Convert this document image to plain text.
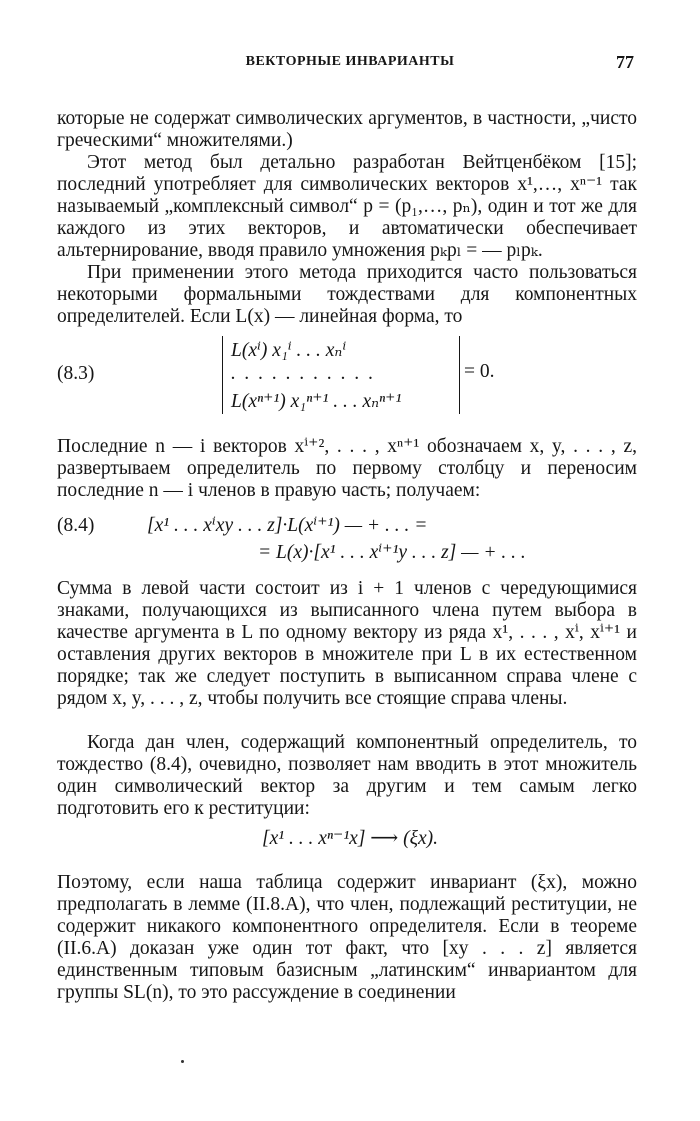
ВЕКТОРНЫЕ ИНВАРИАНТЫ	77

которые не содержат символических аргументов, в частности, „чисто греческими“ множителями.)

Этот метод был детально разработан Вейтценбёком [15]; последний употребляет для символических векторов x¹,…, xⁿ⁻¹ так называемый „комплексный символ“ p = (p₁,…, pₙ), один и тот же для каждого из этих векторов, и автоматически обеспечивает альтернирование, вводя правило умножения pₖpₗ = — pₗpₖ.

При применении этого метода приходится часто пользоваться некоторыми формальными тождествами для компонентных определителей. Если L(x) — линейная форма, то

(8.3)
L(xⁱ) x₁ⁱ . . . xₙⁱ
. . . . . . . . . . .
L(xⁿ⁺¹) x₁ⁿ⁺¹ . . . xₙⁿ⁺¹
= 0.

Последние n — i векторов xⁱ⁺², . . . , xⁿ⁺¹ обозначаем x, y, . . . , z, развертываем определитель по первому столбцу и переносим последние n — i членов в правую часть; получаем:

(8.4)	[x¹ . . . xⁱxy . . . z]·L(xⁱ⁺¹) — + . . . =
= L(x)·[x¹ . . . xⁱ⁺¹y . . . z] — + . . .

Сумма в левой части состоит из i + 1 членов с чередующимися знаками, получающихся из выписанного члена путем выбора в качестве аргумента в L по одному вектору из ряда x¹, . . . , xⁱ, xⁱ⁺¹ и оставления других векторов в множителе при L в их естественном порядке; так же следует поступить в выписанном справа члене с рядом x, y, . . . , z, чтобы получить все стоящие справа члены.

Когда дан член, содержащий компонентный определитель, то тождество (8.4), очевидно, позволяет нам вводить в этот множитель один символический вектор за другим и тем самым легко подготовить его к реституции:

[x¹ . . . xⁿ⁻¹x] ⟶ (ξx).

Поэтому, если наша таблица содержит инвариант (ξx), можно предполагать в лемме (II.8.A), что член, подлежащий реституции, не содержит никакого компонентного определителя. Если в теореме (II.6.A) доказан уже один тот факт, что [xy . . . z] является единственным типовым базисным „латинским“ инвариантом для группы SL(n), то это рассуждение в соединении
